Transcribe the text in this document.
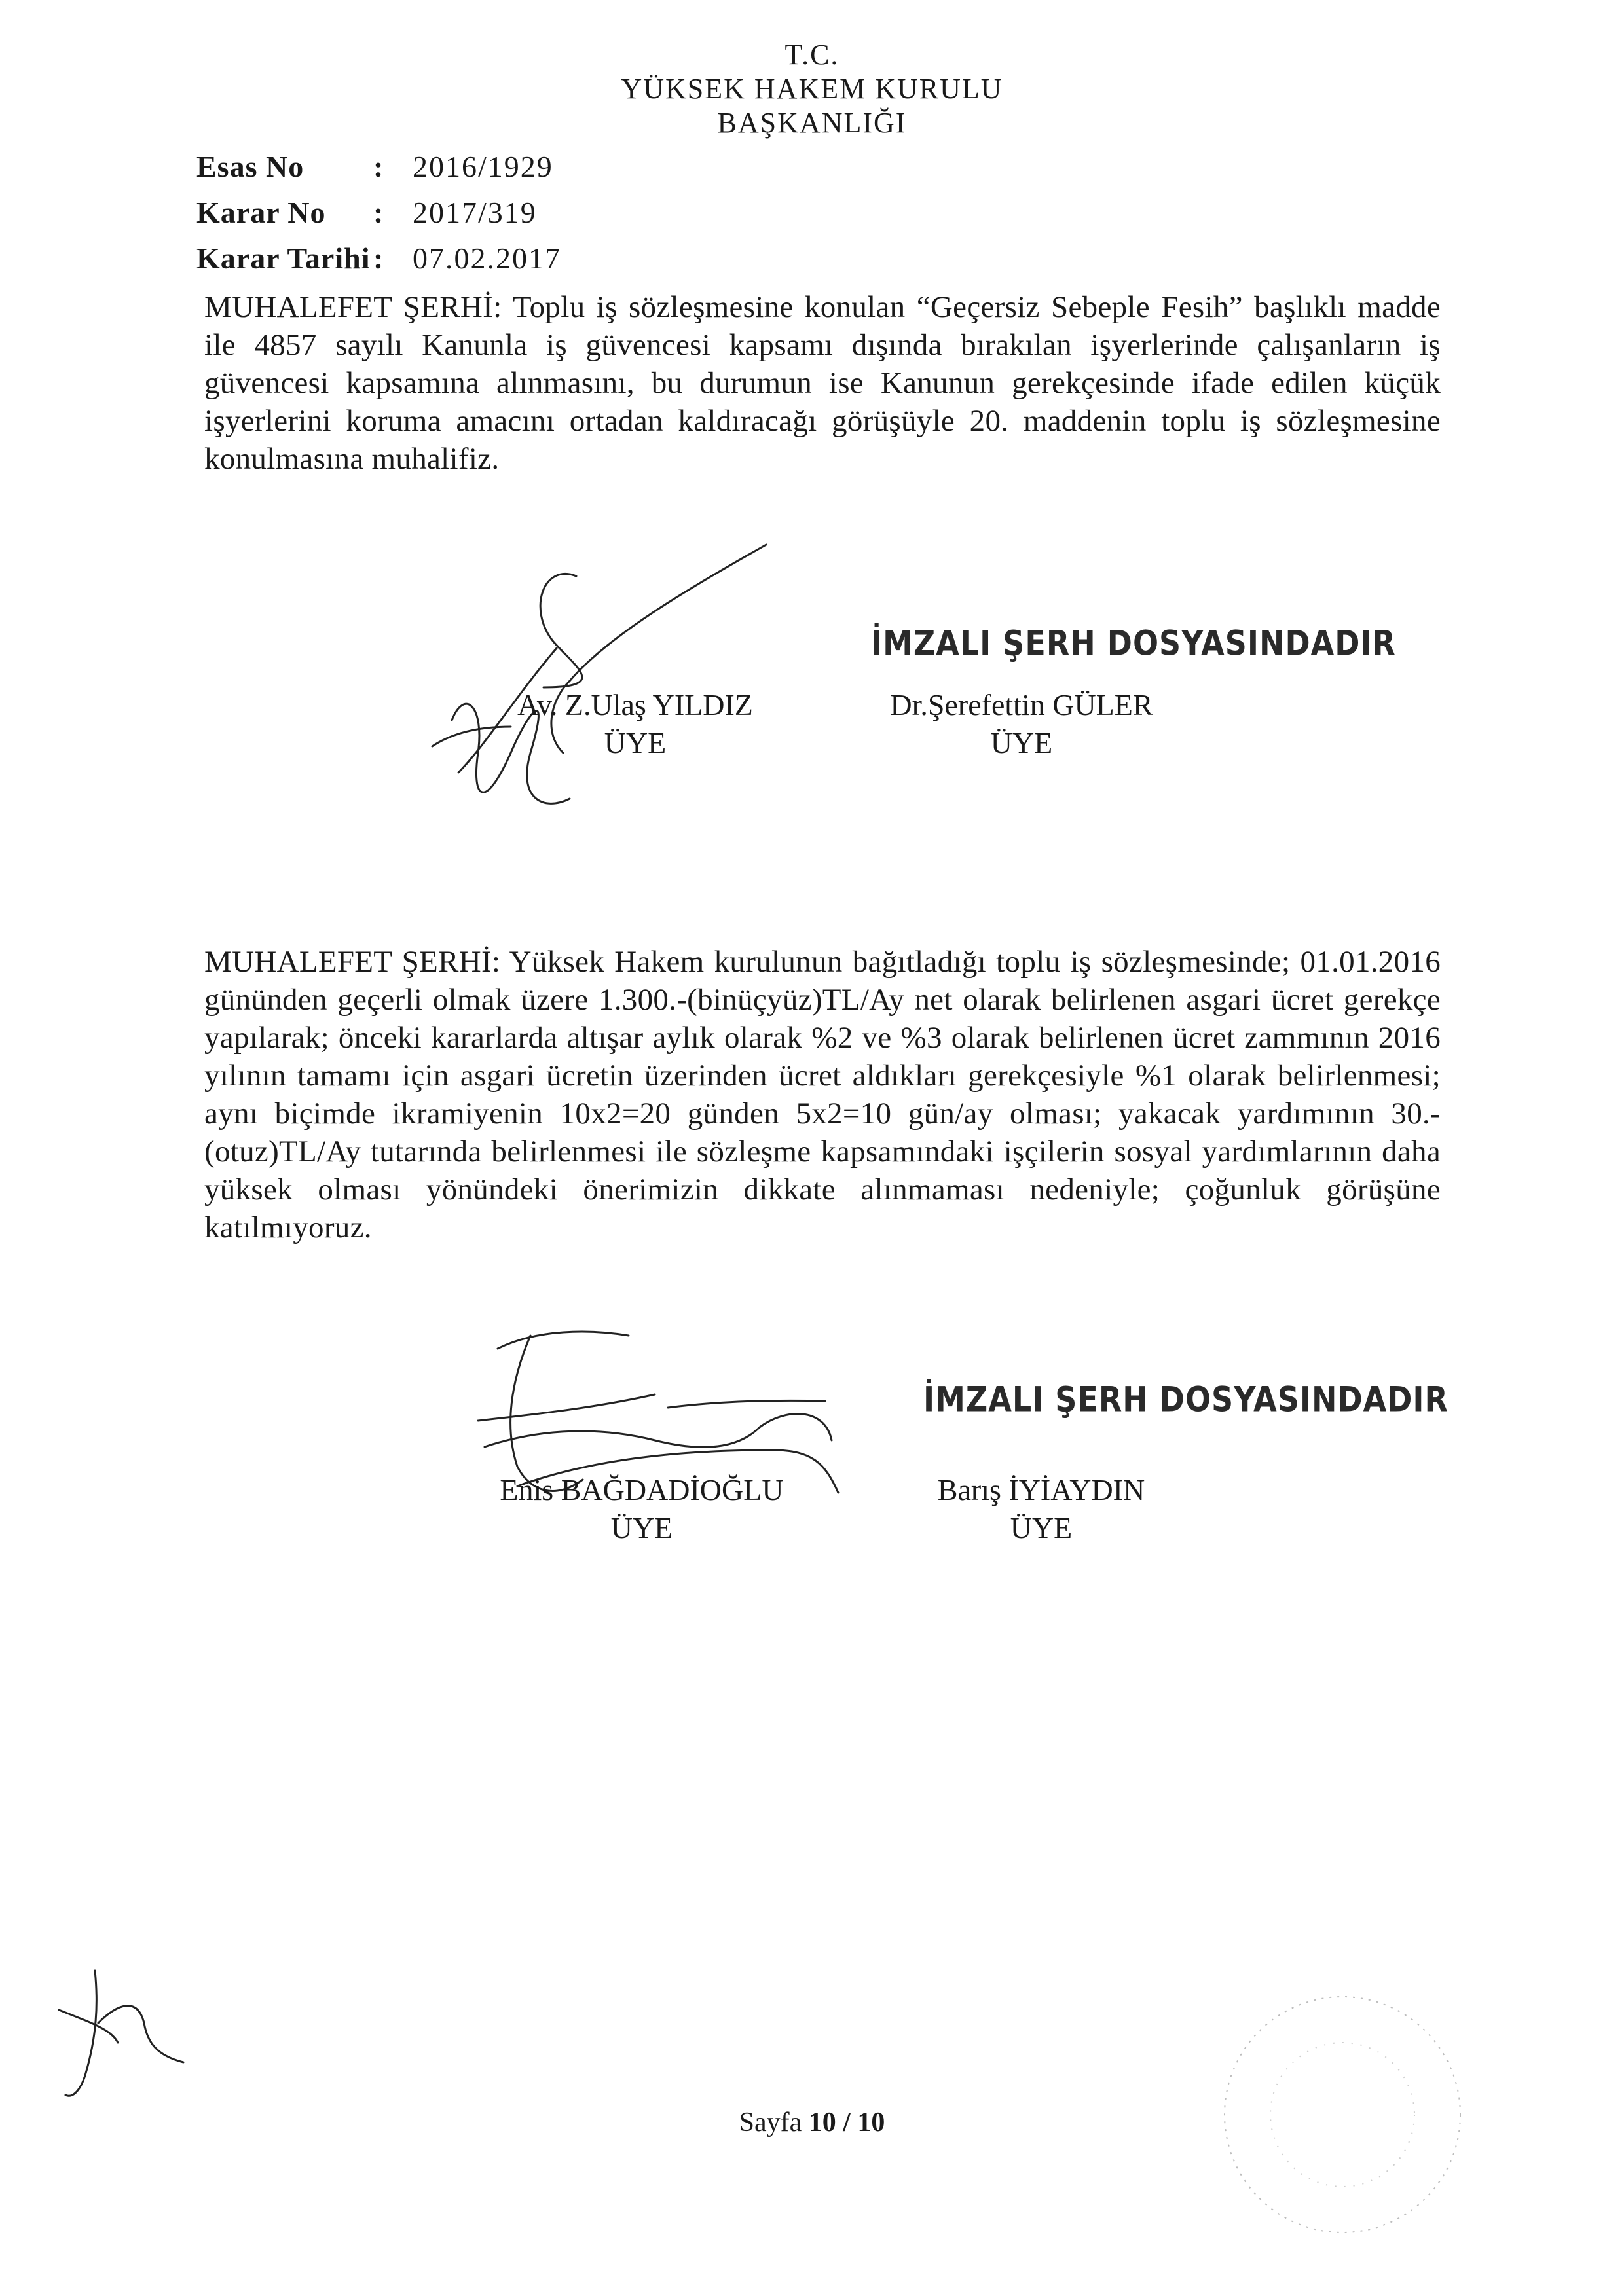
T.C.
YÜKSEK HAKEM KURULU
BAŞKANLIĞI
Esas No	: 2016/1929
Karar No	: 2017/319
Karar Tarihi : 07.02.2017
MUHALEFET ŞERHİ: Toplu iş sözleşmesine konulan “Geçersiz Sebeple Fesih” başlıklı madde ile 4857 sayılı Kanunla iş güvencesi kapsamı dışında bırakılan işyerlerinde çalışanların iş güvencesi kapsamına alınmasını, bu durumun ise Kanunun gerekçesinde ifade edilen küçük işyerlerini koruma amacını ortadan kaldıracağı görüşüyle 20. maddenin toplu iş sözleşmesine konulmasına muhalifiz.
Av. Z.Ulaş YILDIZ
ÜYE
İMZALI ŞERH DOSYASINDADIR
Dr.Şerefettin GÜLER
ÜYE
MUHALEFET ŞERHİ: Yüksek Hakem kurulunun bağıtladığı toplu iş sözleşmesinde; 01.01.2016 gününden geçerli olmak üzere 1.300.-(binüçyüz)TL/Ay net olarak belirlenen asgari ücret gerekçe yapılarak; önceki kararlarda altışar aylık olarak %2 ve %3 olarak belirlenen ücret zammının 2016 yılının tamamı için asgari ücretin üzerinden ücret aldıkları gerekçesiyle %1 olarak belirlenmesi; aynı biçimde ikramiyenin 10x2=20 günden 5x2=10 gün/ay olması; yakacak yardımının 30.-(otuz)TL/Ay tutarında belirlenmesi ile sözleşme kapsamındaki işçilerin sosyal yardımlarının daha yüksek olması yönündeki önerimizin dikkate alınmaması nedeniyle; çoğunluk görüşüne katılmıyoruz.
Enis BAĞDADİOĞLU
ÜYE
İMZALI ŞERH DOSYASINDADIR
Barış İYİAYDIN
ÜYE
Sayfa 10 / 10
